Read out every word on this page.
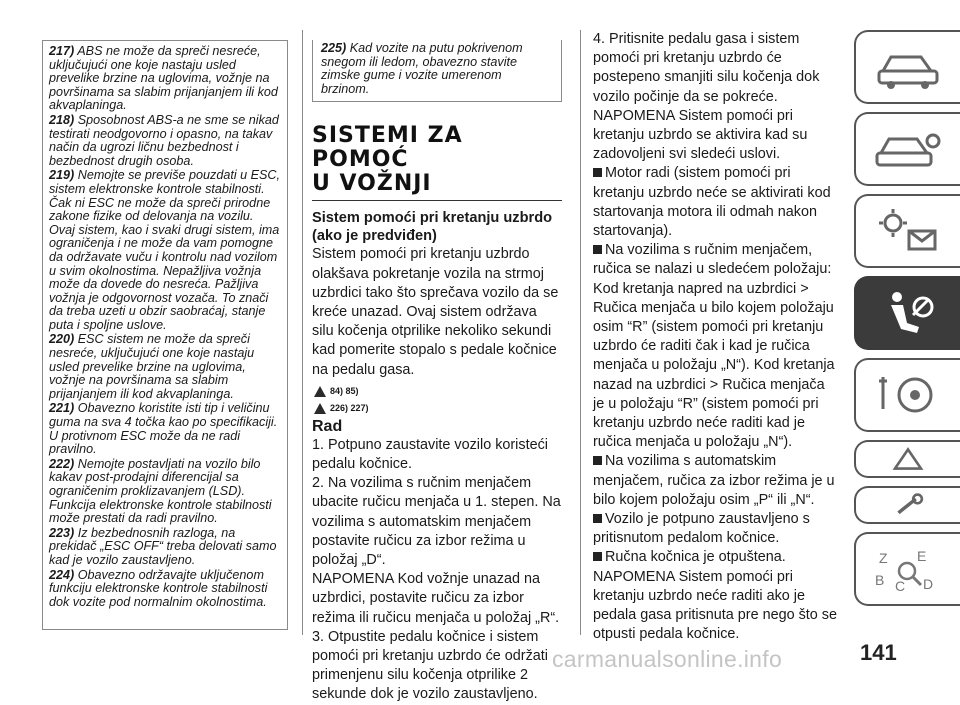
217) ABS ne može da spreči nesreće, uključujući one koje nastaju usled prevelike brzine na uglovima, vožnje na površinama sa slabim prijanjanjem ili kod akvaplaninga.

218) Sposobnost ABS-a ne sme se nikad testirati neodgovorno i opasno, na takav način da ugrozi ličnu bezbednost i bezbednost drugih osoba.

219) Nemojte se previše pouzdati u ESC, sistem elektronske kontrole stabilnosti. Čak ni ESC ne može da spreči prirodne zakone fizike od delovanja na vozilu. Ovaj sistem, kao i svaki drugi sistem, ima ograničenja i ne može da vam pomogne da održavate vuču i kontrolu nad vozilom u svim okolnostima. Nepažljiva vožnja može da dovede do nesreća. Pažljiva vožnja je odgovornost vozača. To znači da treba uzeti u obzir saobraćaj, stanje puta i spoljne uslove.

220) ESC sistem ne može da spreči nesreće, uključujući one koje nastaju usled prevelike brzine na uglovima, vožnje na površinama sa slabim prijanjanjem ili kod akvaplaninga.

221) Obavezno koristite isti tip i veličinu guma na sva 4 točka kao po specifikaciji. U protivnom ESC može da ne radi pravilno.

222) Nemojte postavljati na vozilo bilo kakav post-prodajni diferencijal sa ograničenim proklizavanjem (LSD). Funkcija elektronske kontrole stabilnosti može prestati da radi pravilno.

223) Iz bezbednosnih razloga, na prekidač „ESC OFF“ treba delovati samo kad je vozilo zaustavljeno.

224) Obavezno održavajte uključenom funkciju elektronske kontrole stabilnosti dok vozite pod normalnim okolnostima.

225) Kad vozite na putu pokrivenom snegom ili ledom, obavezno stavite zimske gume i vozite umerenom brzinom.
SISTEMI ZA POMOĆ
U VOŽNJI
Sistem pomoći pri kretanju uzbrdo (ako je predviđen)

Sistem pomoći pri kretanju uzbrdo olakšava pokretanje vozila na strmoj uzbrdici tako što sprečava vozilo da se kreće unazad. Ovaj sistem održava silu kočenja otprilike nekoliko sekundi kad pomerite stopalo s pedale kočnice na pedalu gasa.

84) 85)
226) 227)
Rad

1. Potpuno zaustavite vozilo koristeći pedalu kočnice.

2. Na vozilima s ručnim menjačem ubacite ručicu menjača u 1. stepen. Na vozilima s automatskim menjačem postavite ručicu za izbor režima u položaj „D“.

NAPOMENA Kod vožnje unazad na uzbrdici, postavite ručicu za izbor režima ili ručicu menjača u položaj „R“.

3. Otpustite pedalu kočnice i sistem pomoći pri kretanju uzbrdo će održati primenjenu silu kočenja otprilike 2 sekunde dok je vozilo zaustavljeno.

4. Pritisnite pedalu gasa i sistem pomoći pri kretanju uzbrdo će postepeno smanjiti silu kočenja dok vozilo počinje da se pokreće.

NAPOMENA Sistem pomoći pri kretanju uzbrdo se aktivira kad su zadovoljeni svi sledeći uslovi.

Motor radi (sistem pomoći pri kretanju uzbrdo neće se aktivirati kod startovanja motora ili odmah nakon startovanja).

Na vozilima s ručnim menjačem, ručica se nalazi u sledećem položaju: Kod kretanja napred na uzbrdici > Ručica menjača u bilo kojem položaju osim “R” (sistem pomoći pri kretanju uzbrdo će raditi čak i kad je ručica menjača u položaju „N“). Kod kretanja nazad na uzbrdici > Ručica menjača je u položaju “R” (sistem pomoći pri kretanju uzbrdo neće raditi kad je ručica menjača u položaju „N“).

Na vozilima s automatskim menjačem, ručica za izbor režima je u bilo kojem položaju osim „P“ ili „N“.

Vozilo je potpuno zaustavljeno s pritisnutom pedalom kočnice.

Ručna kočnica je otpuštena.

NAPOMENA Sistem pomoći pri kretanju uzbrdo neće raditi ako je pedala gasa pritisnuta pre nego što se otpusti pedala kočnice.

Z E
B C D
carmanualsonline.info	141
